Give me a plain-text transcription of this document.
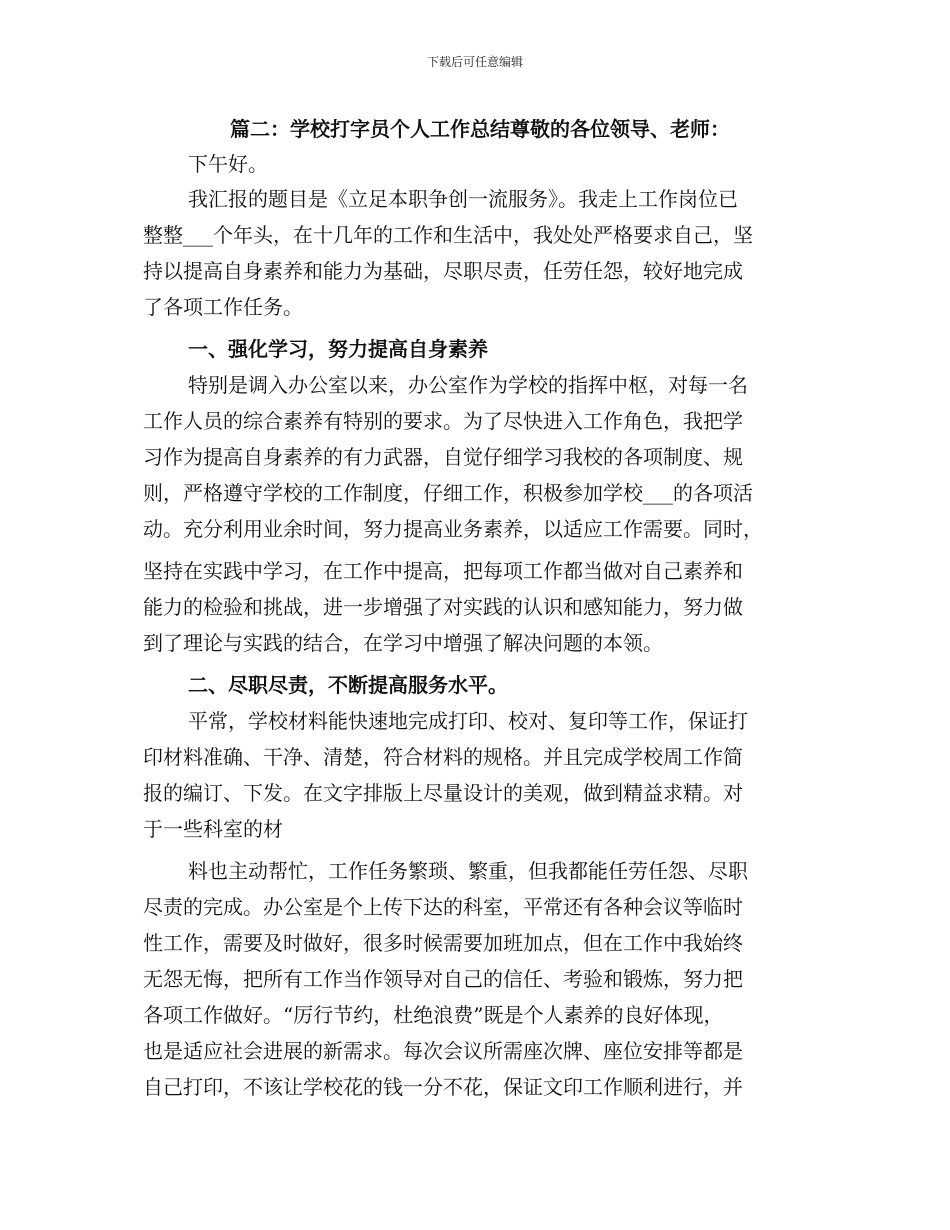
下载后可任意编辑
篇二：学校打字员个人工作总结尊敬的各位领导、老师：
下午好。
我汇报的题目是《立足本职争创一流服务》。我走上工作岗位已
整整___个年头，在十几年的工作和生活中，我处处严格要求自己，坚
持以提高自身素养和能力为基础，尽职尽责，任劳任怨，较好地完成
了各项工作任务。
一、强化学习，努力提高自身素养
特别是调入办公室以来，办公室作为学校的指挥中枢，对每一名
工作人员的综合素养有特别的要求。为了尽快进入工作角色，我把学
习作为提高自身素养的有力武器，自觉仔细学习我校的各项制度、规
则，严格遵守学校的工作制度，仔细工作，积极参加学校___的各项活
动。充分利用业余时间，努力提高业务素养，以适应工作需要。同时，
坚持在实践中学习，在工作中提高，把每项工作都当做对自己素养和
能力的检验和挑战，进一步增强了对实践的认识和感知能力，努力做
到了理论与实践的结合，在学习中增强了解决问题的本领。
二、尽职尽责，不断提高服务水平。
平常，学校材料能快速地完成打印、校对、复印等工作，保证打
印材料准确、干净、清楚，符合材料的规格。并且完成学校周工作简
报的编订、下发。在文字排版上尽量设计的美观，做到精益求精。对
于一些科室的材
料也主动帮忙，工作任务繁琐、繁重，但我都能任劳任怨、尽职
尽责的完成。办公室是个上传下达的科室，平常还有各种会议等临时
性工作，需要及时做好，很多时候需要加班加点，但在工作中我始终
无怨无悔，把所有工作当作领导对自己的信任、考验和锻炼，努力把
各项工作做好。“厉行节约，杜绝浪费”既是个人素养的良好体现，
也是适应社会进展的新需求。每次会议所需座次牌、座位安排等都是
自己打印，不该让学校花的钱一分不花，保证文印工作顺利进行，并
